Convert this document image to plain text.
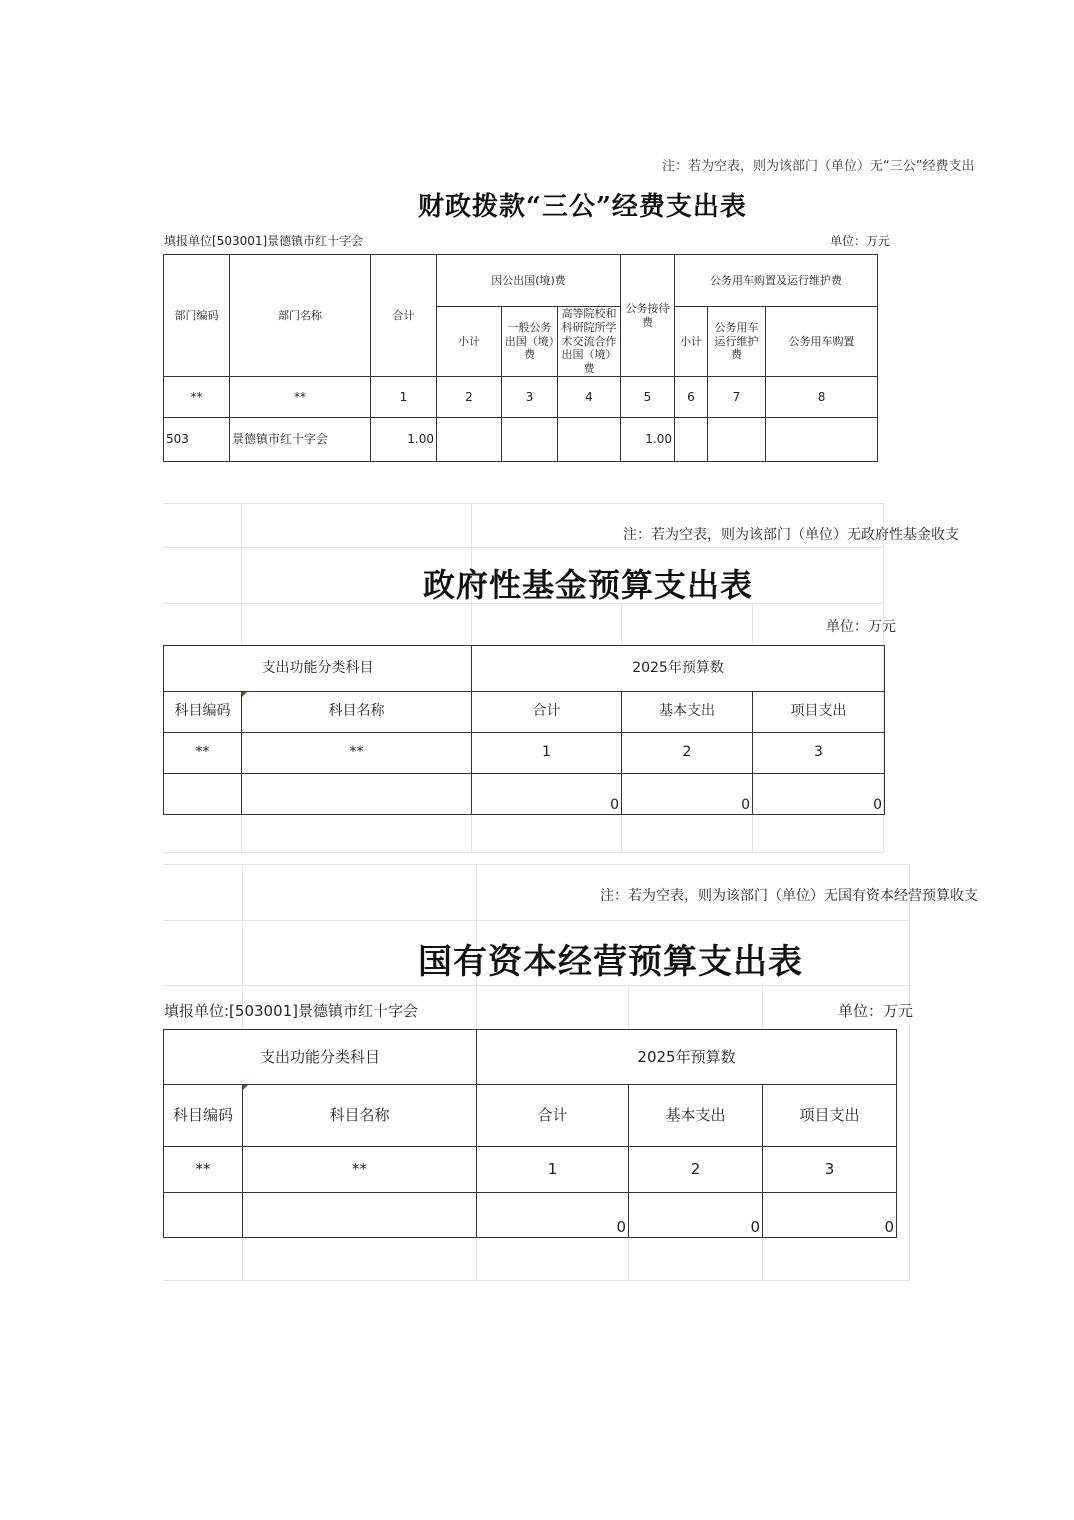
注：若为空表，则为该部门（单位）无“三公”经费支出
财政拨款“三公”经费支出表
填报单位[503001]景德镇市红十字会	单位：万元
部门编码	部门名称	合计	因公出国(境)费			公务接待费	公务用车购置及运行维护费		
			小计	一般公务出国（境）费	高等院校和科研院所学术交流合作出国（境）费		小计	公务用车运行维护费	公务用车购置
**	**	1	2	3	4	5	6	7	8
503	景德镇市红十字会	1.00				1.00			
注：若为空表，则为该部门（单位）无政府性基金收支
政府性基金预算支出表
单位：万元
支出功能分类科目		2025年预算数		
科目编码	科目名称	合计	基本支出	项目支出
**	**	1	2	3
		0	0	0
注：若为空表，则为该部门（单位）无国有资本经营预算收支
国有资本经营预算支出表
填报单位:[503001]景德镇市红十字会	单位：万元
支出功能分类科目		2025年预算数		
科目编码	科目名称	合计	基本支出	项目支出
**	**	1	2	3
		0	0	0
